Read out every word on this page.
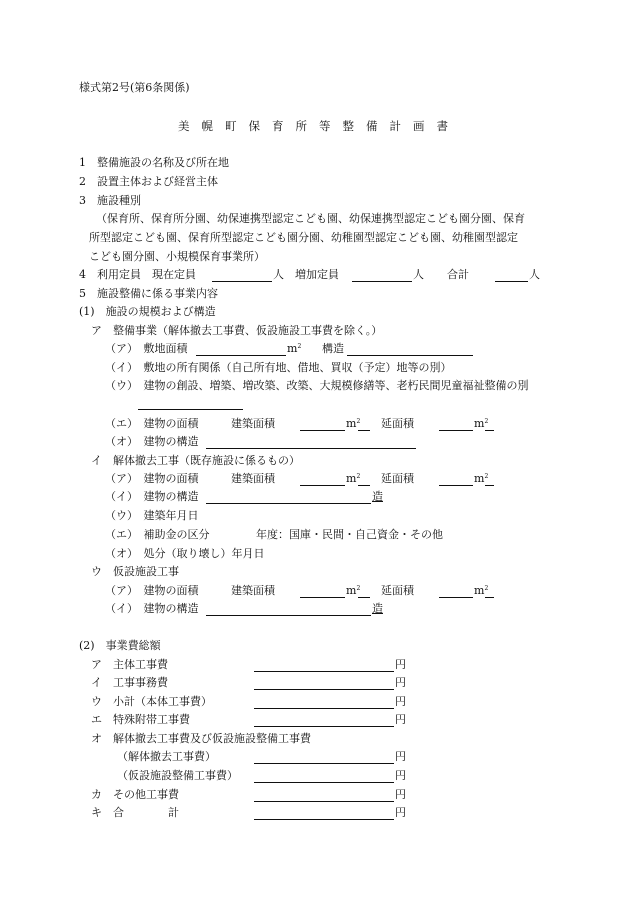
様式第2号(第6条関係)
美幌町保育所等整備計画書
1　整備施設の名称及び所在地
2　設置主体および経営主体
3　施設種別
（保育所、保育所分園、幼保連携型認定こども園、幼保連携型認定こども園分園、保育
所型認定こども園、保育所型認定こども園分園、幼稚園型認定こども園、幼稚園型認定
こども園分園、小規模保育事業所）
4　利用定員　現在定員	人 増加定員	人 合計	人
5　施設整備に係る事業内容
(1)　施設の規模および構造
ア　整備事業（解体撤去工事費、仮設施設工事費を除く。）
（ア）　敷地面積	$m^2$ 構造
（イ）　敷地の所有関係（自己所有地、借地、買収（予定）地等の別）
（ウ）　建物の創設、増築、増改築、改築、大規模修繕等、老朽民間児童福祉整備の別
（エ）　建物の面積	建築面積	$m^2$ 延面積	$m^2$
（オ）　建物の構造
イ　解体撤去工事（既存施設に係るもの）
（ア）　建物の面積	建築面積	$m^2$ 延面積	$m^2$
（イ）　建物の構造	造
（ウ）　建築年月日
（エ）　補助金の区分	年度：国庫・民間・自己資金・その他
（オ）　処分（取り壊し）年月日
ウ　仮設施設工事
（ア）　建物の面積	建築面積	$m^2$ 延面積	$m^2$
（イ）　建物の構造	造
(2)　事業費総額
ア　主体工事費	円
イ　工事事務費	円
ウ　小計（本体工事費）	円
エ　特殊附帯工事費	円
オ　解体撤去工事費及び仮設施設整備工事費
（解体撤去工事費）	円
（仮設施設整備工事費）	円
カ　その他工事費	円
キ　合　　　　計	円
